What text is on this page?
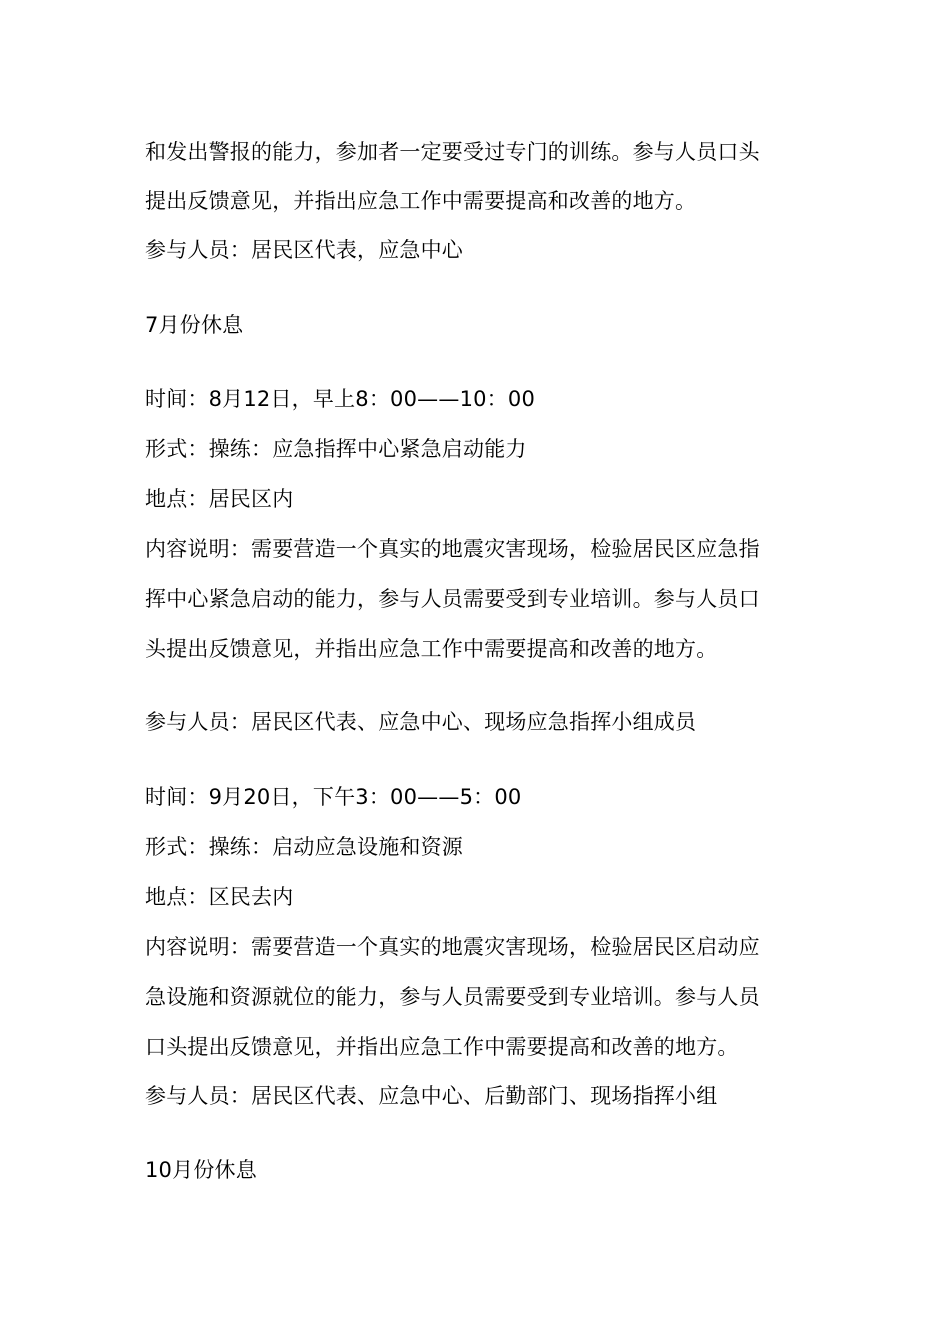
和发出警报的能力，参加者一定要受过专门的训练。参与人员口头
提出反馈意见，并指出应急工作中需要提高和改善的地方。
参与人员：居民区代表，应急中心
7月份休息
时间：8月12日，早上8：00——10：00
形式：操练：应急指挥中心紧急启动能力
地点：居民区内
内容说明：需要营造一个真实的地震灾害现场，检验居民区应急指
挥中心紧急启动的能力，参与人员需要受到专业培训。参与人员口
头提出反馈意见，并指出应急工作中需要提高和改善的地方。
参与人员：居民区代表、应急中心、现场应急指挥小组成员
时间：9月20日，下午3：00——5：00
形式：操练：启动应急设施和资源
地点：区民去内
内容说明：需要营造一个真实的地震灾害现场，检验居民区启动应
急设施和资源就位的能力，参与人员需要受到专业培训。参与人员
口头提出反馈意见，并指出应急工作中需要提高和改善的地方。
参与人员：居民区代表、应急中心、后勤部门、现场指挥小组
10月份休息
